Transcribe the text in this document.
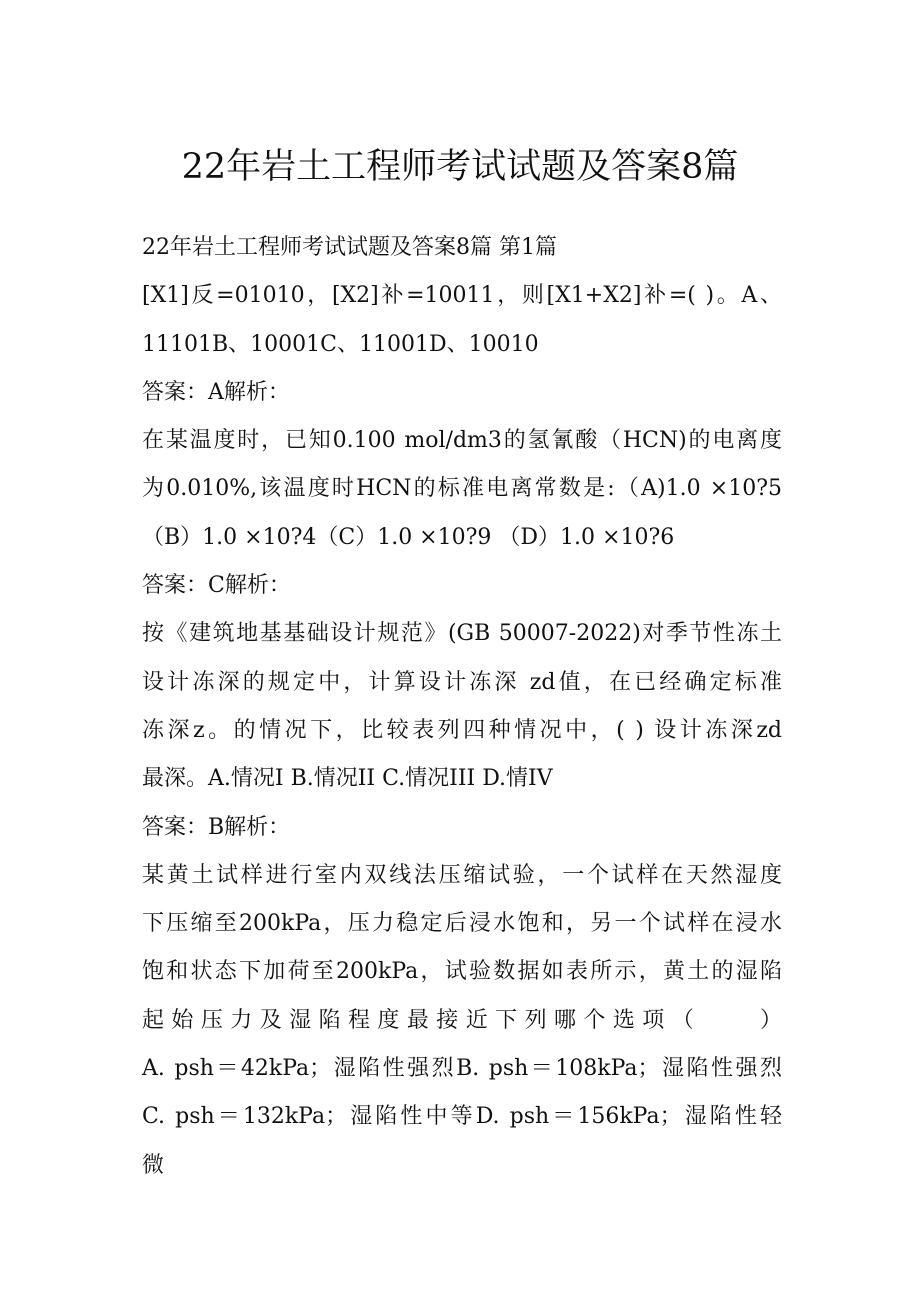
22年岩土工程师考试试题及答案8篇
22年岩土工程师考试试题及答案8篇 第1篇
[X1]反=01010，[X2]补=10011，则[X1+X2]补=( )。A、
11101B、10001C、11001D、10010
答案：A解析：
在某温度时，已知0.100 mol/dm3的氢氰酸（HCN)的电离度
为0.010%,该温度时HCN的标准电离常数是:（A)1.0 ×10?5
（B）1.0 ×10?4（C）1.0 ×10?9 （D）1.0 ×10?6
答案：C解析：
按《建筑地基基础设计规范》(GB 50007-2022)对季节性冻土
设计冻深的规定中，计算设计冻深 zd值，在已经确定标准
冻深z。的情况下，比较表列四种情况中，( ) 设计冻深zd
最深。A.情况I B.情况II C.情况III D.情IV
答案：B解析：
某黄土试样进行室内双线法压缩试验，一个试样在天然湿度
下压缩至200kPa，压力稳定后浸水饱和，另一个试样在浸水
饱和状态下加荷至200kPa，试验数据如表所示，黄土的湿陷
起始压力及湿陷程度最接近下列哪个选项（　　）
A. psh＝42kPa；湿陷性强烈B. psh＝108kPa；湿陷性强烈
C. psh＝132kPa；湿陷性中等D. psh＝156kPa；湿陷性轻
微
